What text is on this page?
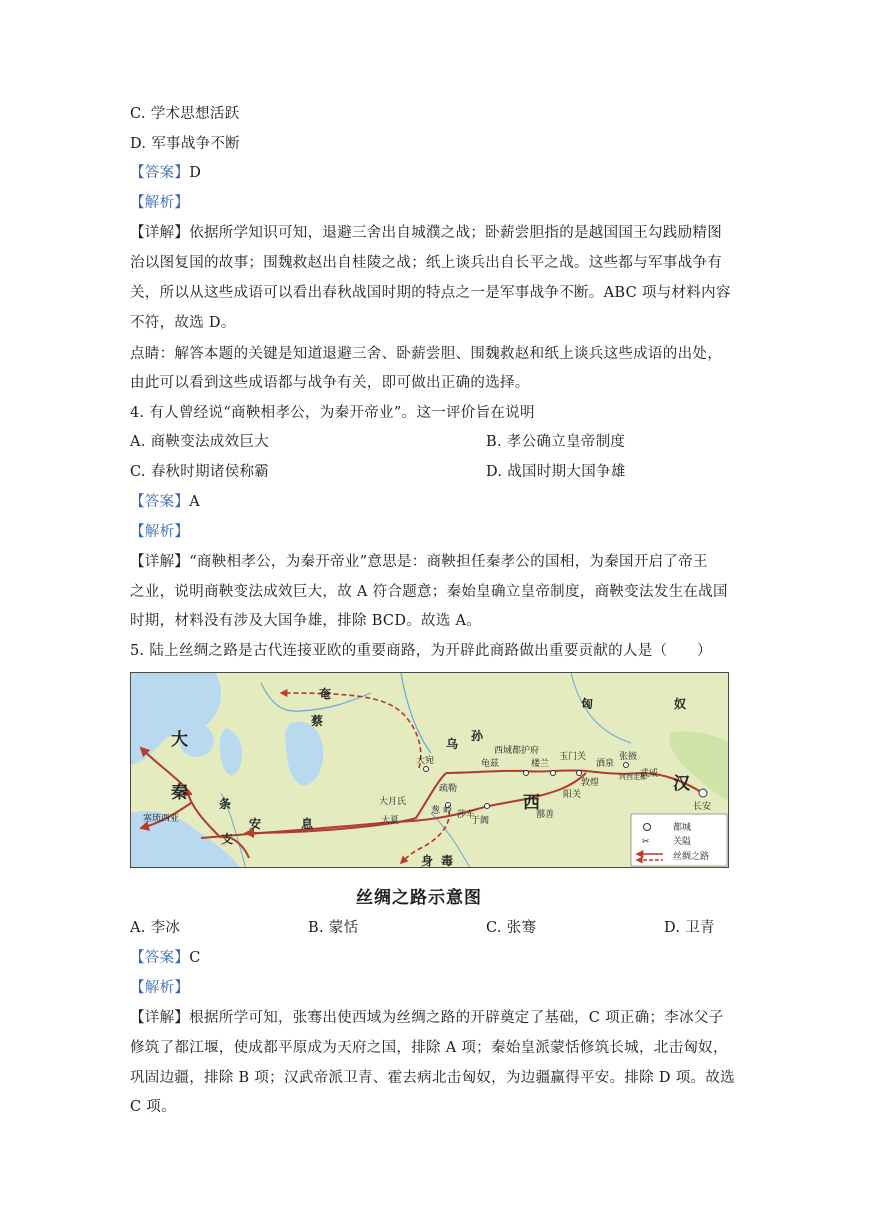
C. 学术思想活跃
D. 军事战争不断
【答案】D
【解析】
【详解】依据所学知识可知，退避三舍出自城濮之战；卧薪尝胆指的是越国国王勾践励精图
治以图复国的故事；围魏救赵出自桂陵之战；纸上谈兵出自长平之战。这些都与军事战争有
关，所以从这些成语可以看出春秋战国时期的特点之一是军事战争不断。ABC 项与材料内容
不符，故选 D。
点睛：解答本题的关键是知道退避三舍、卧薪尝胆、围魏救赵和纸上谈兵这些成语的出处，
由此可以看到这些成语都与战争有关，即可做出正确的选择。
4. 有人曾经说“商鞅相孝公，为秦开帝业”。这一评价旨在说明
A. 商鞅变法成效巨大	B. 孝公确立皇帝制度
C. 春秋时期诸侯称霸	D. 战国时期大国争雄
【答案】A
【解析】
【详解】“商鞅相孝公，为秦开帝业”意思是：商鞅担任秦孝公的国相，为秦国开启了帝王
之业，说明商鞅变法成效巨大，故 A 符合题意；秦始皇确立皇帝制度，商鞅变法发生在战国
时期，材料没有涉及大国争雄，排除 BCD。故选 A。
5. 陆上丝绸之路是古代连接亚欧的重要商路，为开辟此商路做出重要贡献的人是（　　）
大
秦	西
汉
奄
蔡
乌
孙
匈	奴
条
支
安	息
身 毒
大宛
疏勒
大月氏
大夏
葱 岭 莎车
于阗
龟兹
西域都护府
楼兰
玉门关
酒泉
张掖
敦煌
阳关
鄯善
武威
河西走廊
长安
塞琉西亚
都城
✂	关隘
丝绸之路
丝绸之路示意图
A. 李冰	B. 蒙恬	C. 张骞	D. 卫青
【答案】C
【解析】
【详解】根据所学可知，张骞出使西域为丝绸之路的开辟奠定了基础，C 项正确；李冰父子
修筑了都江堰，使成都平原成为天府之国，排除 A 项；秦始皇派蒙恬修筑长城，北击匈奴，
巩固边疆，排除 B 项；汉武帝派卫青、霍去病北击匈奴，为边疆赢得平安。排除 D 项。故选
C 项。
